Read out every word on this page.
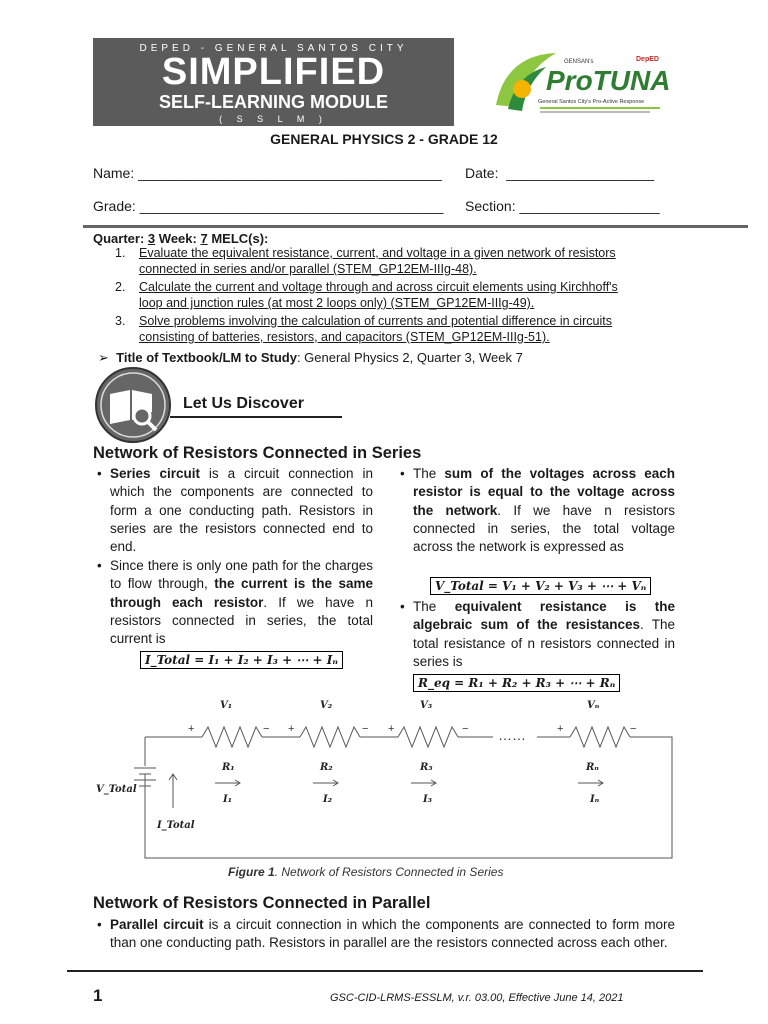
DEPED - GENERAL SANTOS CITY
SIMPLIFIED
SELF-LEARNING MODULE
( S S L M )
GENSAN's	DepED
ProTUNA
General Santos City's Pro-Active Response
GENERAL PHYSICS 2 - GRADE 12
Name: _______________________________________ Date: ___________________
Grade: _______________________________________ Section: __________________
Quarter: 3 Week: 7 MELC(s):
1. Evaluate the equivalent resistance, current, and voltage in a given network of resistors
connected in series and/or parallel (STEM_GP12EM-IIIg-48).
2. Calculate the current and voltage through and across circuit elements using Kirchhoff's
loop and junction rules (at most 2 loops only) (STEM_GP12EM-IIIg-49).
3. Solve problems involving the calculation of currents and potential difference in circuits
consisting of batteries, resistors, and capacitors (STEM_GP12EM-IIIg-51).
➢ Title of Textbook/LM to Study: General Physics 2, Quarter 3, Week 7
Let Us Discover
Network of Resistors Connected in Series
• Series circuit is a circuit connection in which the components are connected to form a one conducting path. Resistors in series are the resistors connected end to end.
• Since there is only one path for the charges to flow through, the current is the same through each resistor. If we have n resistors connected in series, the total current is
I_Total = I₁ + I₂ + I₃ + ⋯ + Iₙ
• The sum of the voltages across each resistor is equal to the voltage across the network. If we have n resistors connected in series, the total voltage across the network is expressed as
V_Total = V₁ + V₂ + V₃ + ⋯ + Vₙ
• The equivalent resistance is the algebraic sum of the resistances. The total resistance of n resistors connected in series is
R_eq = R₁ + R₂ + R₃ + ⋯ + Rₙ
V₁	V₂	V₃	Vₙ
R₁	R₂	R₃	Rₙ
I₁	I₂	I₃	Iₙ
V_Total
I_Total
+	− +	− +	−	+	−
……
Figure 1. Network of Resistors Connected in Series
Network of Resistors Connected in Parallel
• Parallel circuit is a circuit connection in which the components are connected to form more than one conducting path. Resistors in parallel are the resistors connected across each other.
1	GSC-CID-LRMS-ESSLM, v.r. 03.00, Effective June 14, 2021
